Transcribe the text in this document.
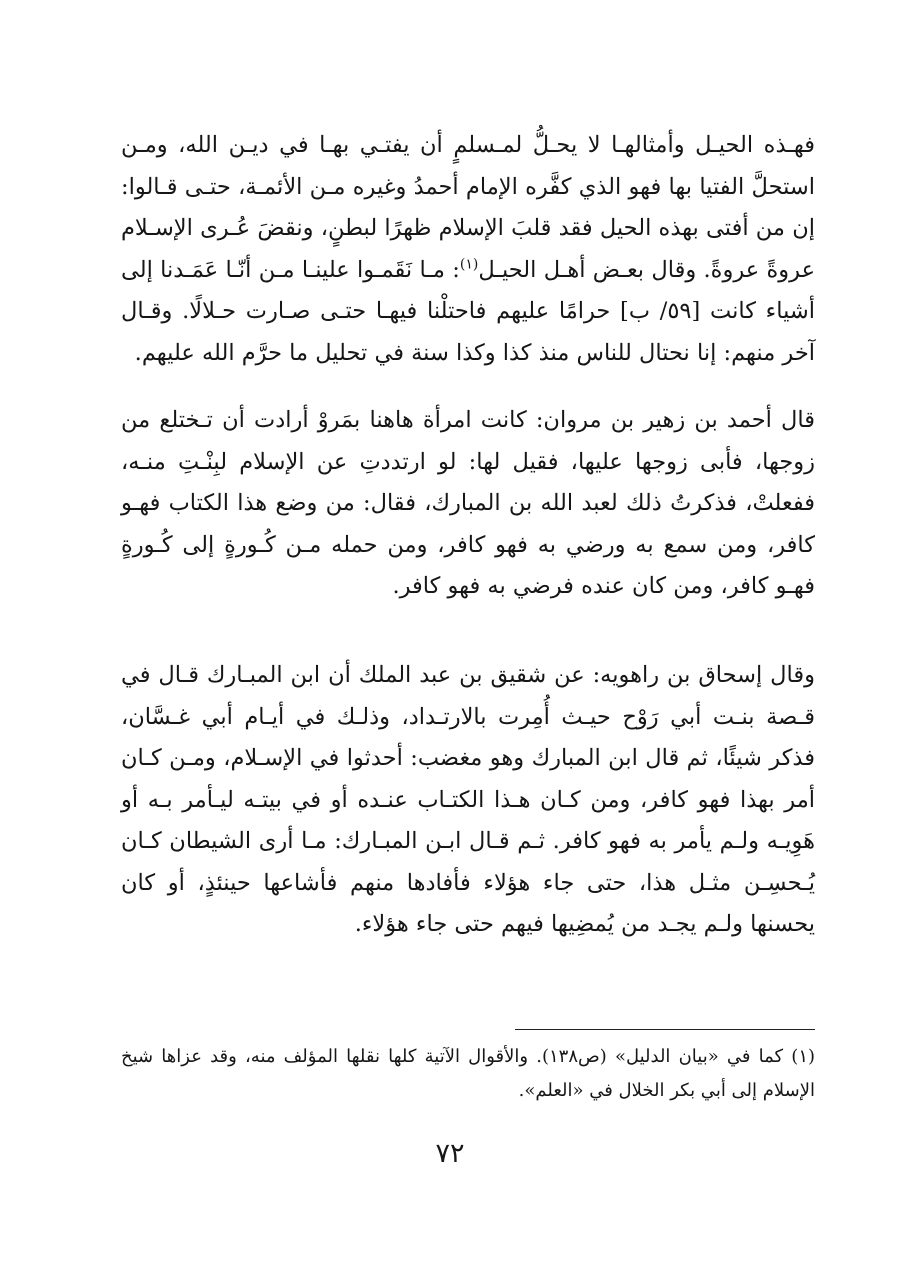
فهـذه الحيـل وأمثالهـا لا يحـلُّ لمـسلمٍ أن يفتـي بهـا في ديـن الله، ومـن استحلَّ الفتيا بها فهو الذي كفَّره الإمام أحمدُ وغيره مـن الأئمـة، حتـى قـالوا: إن من أفتى بهذه الحيل فقد قلبَ الإسلام ظهرًا لبطنٍ، ونقضَ عُـرى الإسـلام عروةً عروةً. وقال بعـض أهـل الحيـل$^{(١)}$: مـا نَقَمـوا علينـا مـن أنّـا عَمَـدنا إلى أشياء كانت [٥٩/ ب] حرامًا عليهم فاحتلْنا فيهـا حتـى صـارت حـلالًا. وقـال آخر منهم: إنا نحتال للناس منذ كذا وكذا سنة في تحليل ما حرَّم الله عليهم.

قال أحمد بن زهير بن مروان: كانت امرأة هاهنا بمَروْ أرادت أن تـختلع من زوجها، فأبى زوجها عليها، فقيل لها: لو ارتددتِ عن الإسلام لبِنْـتِ منـه، ففعلتْ، فذكرتُ ذلك لعبد الله بن المبارك، فقال: من وضع هذا الكتاب فهـو كافر، ومن سمع به ورضي به فهو كافر، ومن حمله مـن كُـورةٍ إلى كُـورةٍ فهـو كافر، ومن كان عنده فرضي به فهو كافر.

وقال إسحاق بن راهويه: عن شقيق بن عبد الملك أن ابن المبـارك قـال في قـصة بنـت أبي رَوْح حيـث أُمِرت بالارتـداد، وذلـك في أيـام أبي غـسَّان، فذكر شيئًا، ثم قال ابن المبارك وهو مغضب: أحدثوا في الإسـلام، ومـن كـان أمر بهذا فهو كافر، ومن كـان هـذا الكتـاب عنـده أو في بيتـه ليـأمر بـه أو هَوِيـه ولـم يأمر به فهو كافر. ثـم قـال ابـن المبـارك: مـا أرى الشيطان كـان يُـحسِـن مثـل هذا، حتى جاء هؤلاء فأفادها منهم فأشاعها حينئذٍ، أو كان يحسنها ولـم يجـد من يُمضِيها فيهم حتى جاء هؤلاء.

(١) كما في «بيان الدليل» (ص١٣٨). والأقوال الآتية كلها نقلها المؤلف منه، وقد عزاها شيخ الإسلام إلى أبي بكر الخلال في «العلم».

٧٢
